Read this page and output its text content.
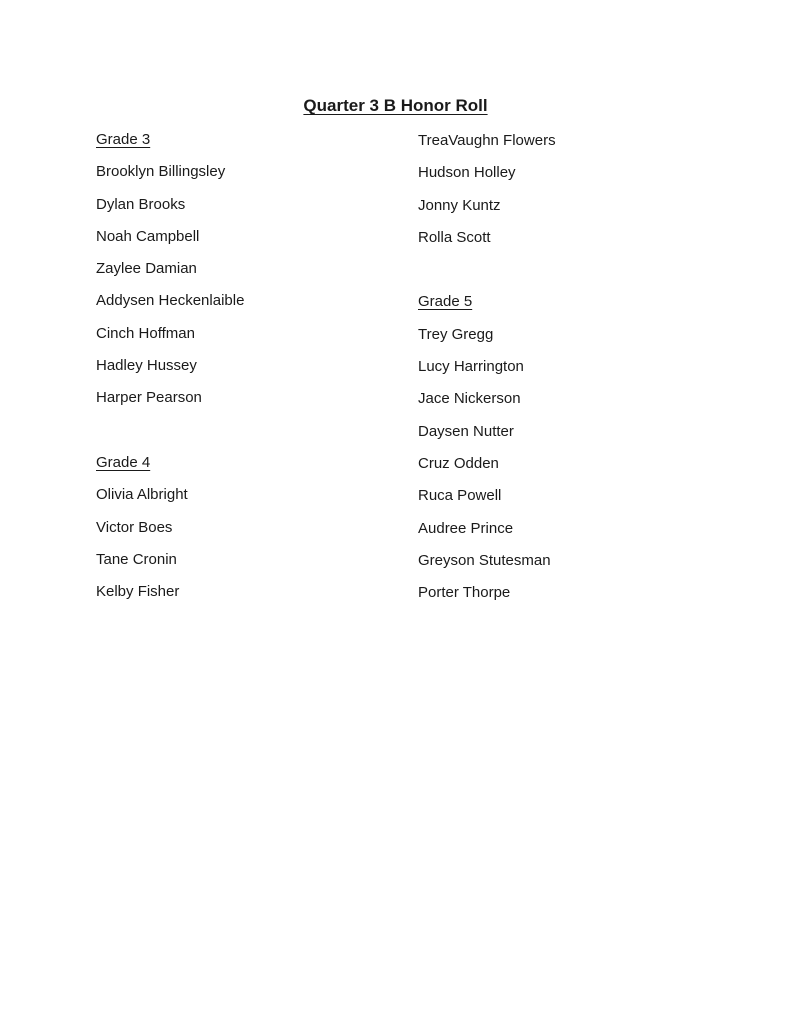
Quarter 3 B Honor Roll
Grade 3
Brooklyn Billingsley
Dylan Brooks
Noah Campbell
Zaylee Damian
Addysen Heckenlaible
Cinch Hoffman
Hadley Hussey
Harper Pearson
Grade 4
Olivia Albright
Victor Boes
Tane Cronin
Kelby Fisher
TreaVaughn Flowers
Hudson Holley
Jonny Kuntz
Rolla Scott
Grade 5
Trey Gregg
Lucy Harrington
Jace Nickerson
Daysen Nutter
Cruz Odden
Ruca Powell
Audree Prince
Greyson Stutesman
Porter Thorpe
